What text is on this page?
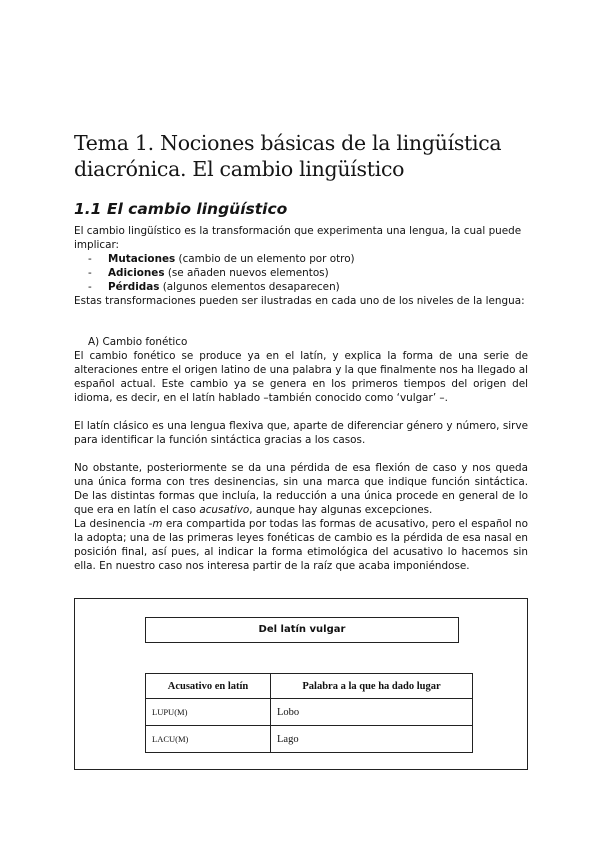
Tema 1. Nociones básicas de la lingüística diacrónica. El cambio lingüístico
1.1 El cambio lingüístico
El cambio lingüístico es la transformación que experimenta una lengua, la cual puede implicar:
- Mutaciones (cambio de un elemento por otro)
- Adiciones (se añaden nuevos elementos)
- Pérdidas (algunos elementos desaparecen)
Estas transformaciones pueden ser ilustradas en cada uno de los niveles de la lengua:
A) Cambio fonético
El cambio fonético se produce ya en el latín, y explica la forma de una serie de alteraciones entre el origen latino de una palabra y la que finalmente nos ha llegado al español actual. Este cambio ya se genera en los primeros tiempos del origen del idioma, es decir, en el latín hablado –también conocido como ‘vulgar’ –.
El latín clásico es una lengua flexiva que, aparte de diferenciar género y número, sirve para identificar la función sintáctica gracias a los casos.
No obstante, posteriormente se da una pérdida de esa flexión de caso y nos queda una única forma con tres desinencias, sin una marca que indique función sintáctica. De las distintas formas que incluía, la reducción a una única procede en general de lo que era en latín el caso acusativo, aunque hay algunas excepciones.
La desinencia -m era compartida por todas las formas de acusativo, pero el español no la adopta; una de las primeras leyes fonéticas de cambio es la pérdida de esa nasal en posición final, así pues, al indicar la forma etimológica del acusativo lo hacemos sin ella. En nuestro caso nos interesa partir de la raíz que acaba imponiéndose.
Del latín vulgar
Acusativo en latín	Palabra a la que ha dado lugar
LUPU(M)	Lobo
LACU(M)	Lago
